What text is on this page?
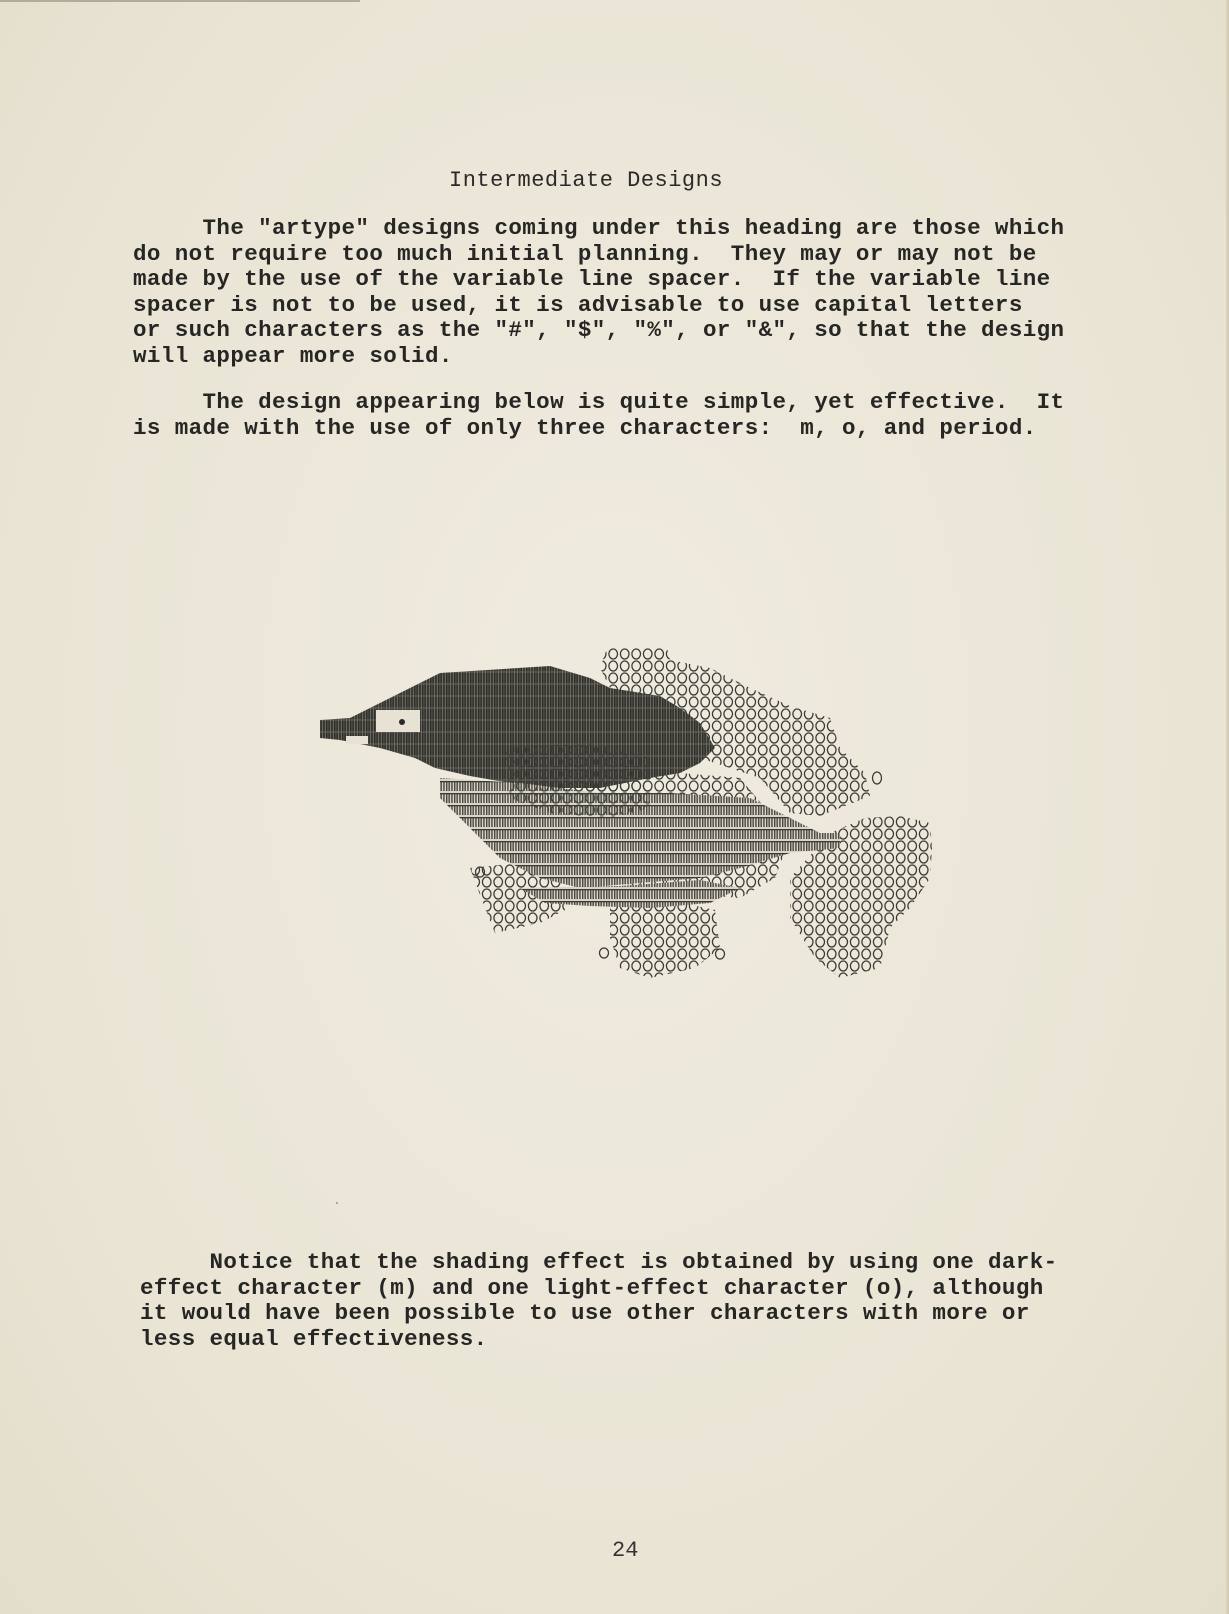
Intermediate Designs
The "artype" designs coming under this heading are those which
do not require too much initial planning.  They may or may not be
made by the use of the variable line spacer.  If the variable line
spacer is not to be used, it is advisable to use capital letters
or such characters as the "#", "$", "%", or "&", so that the design
will appear more solid.
The design appearing below is quite simple, yet effective.  It
is made with the use of only three characters:  m, o, and period.
Notice that the shading effect is obtained by using one dark-
effect character (m) and one light-effect character (o), although
it would have been possible to use other characters with more or
less equal effectiveness.
24
